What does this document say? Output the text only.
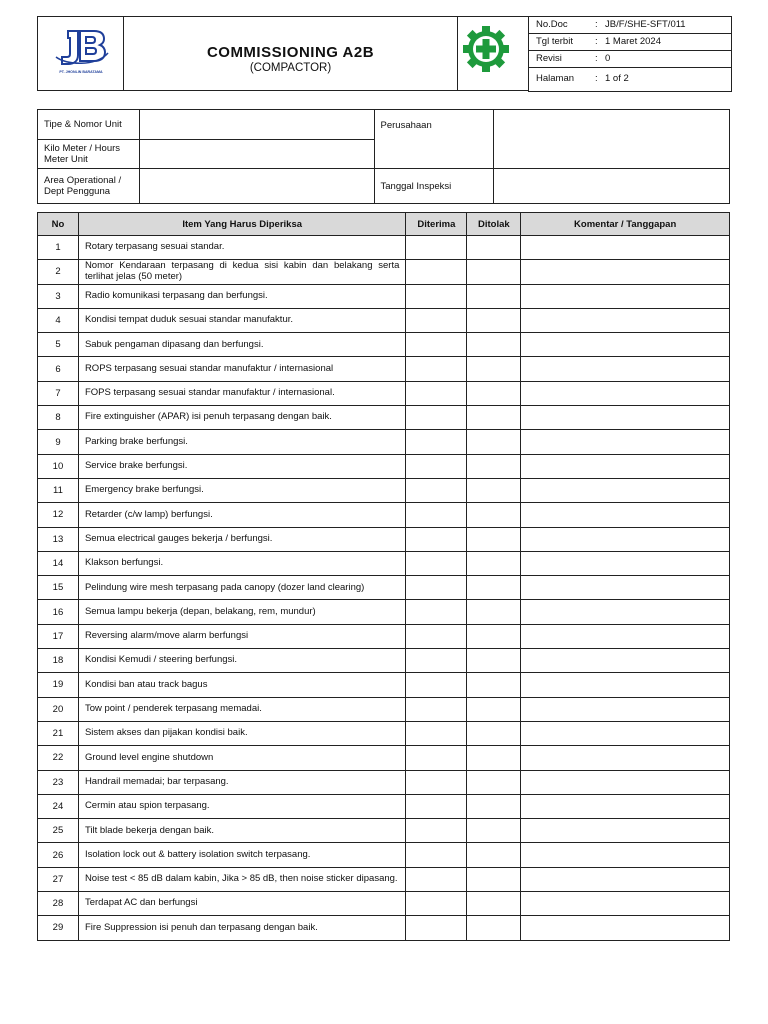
PT. JHONLIN BARATAMA
COMMISSIONING A2B
(COMPACTOR)
No.Doc	: JB/F/SHE-SFT/011
Tgl terbit : 1 Maret 2024
Revisi	: 0
Halaman : 1 of 2
Tipe & Nomor Unit		Perusahaan	
Kilo Meter / Hours Meter Unit			
Area Operational / Dept Pengguna		Tanggal Inspeksi	
No	Item Yang Harus Diperiksa	Diterima	Ditolak	Komentar / Tanggapan
1	Rotary terpasang sesuai standar.			
2	Nomor Kendaraan terpasang di kedua sisi kabin dan belakang serta terlihat jelas (50 meter)			
3	Radio komunikasi terpasang dan berfungsi.			
4	Kondisi tempat duduk sesuai standar manufaktur.			
5	Sabuk pengaman dipasang dan berfungsi.			
6	ROPS terpasang sesuai standar manufaktur / internasional			
7	FOPS terpasang sesuai standar manufaktur / internasional.			
8	Fire extinguisher (APAR) isi penuh terpasang dengan baik.			
9	Parking brake berfungsi.			
10	Service brake berfungsi.			
11	Emergency brake berfungsi.			
12	Retarder (c/w lamp) berfungsi.			
13	Semua electrical gauges bekerja / berfungsi.			
14	Klakson berfungsi.			
15	Pelindung wire mesh terpasang pada canopy (dozer land clearing)			
16	Semua lampu bekerja (depan, belakang, rem, mundur)			
17	Reversing alarm/move alarm berfungsi			
18	Kondisi Kemudi / steering berfungsi.			
19	Kondisi ban atau track bagus			
20	Tow point / penderek terpasang memadai.			
21	Sistem akses dan pijakan kondisi baik.			
22	Ground level engine shutdown			
23	Handrail memadai; bar terpasang.			
24	Cermin atau spion terpasang.			
25	Tilt blade bekerja dengan baik.			
26	Isolation lock out & battery isolation switch terpasang.			
27	Noise test < 85 dB dalam kabin, Jika > 85 dB, then noise sticker dipasang.			
28	Terdapat AC dan berfungsi			
29	Fire Suppression isi penuh dan terpasang dengan baik.			
